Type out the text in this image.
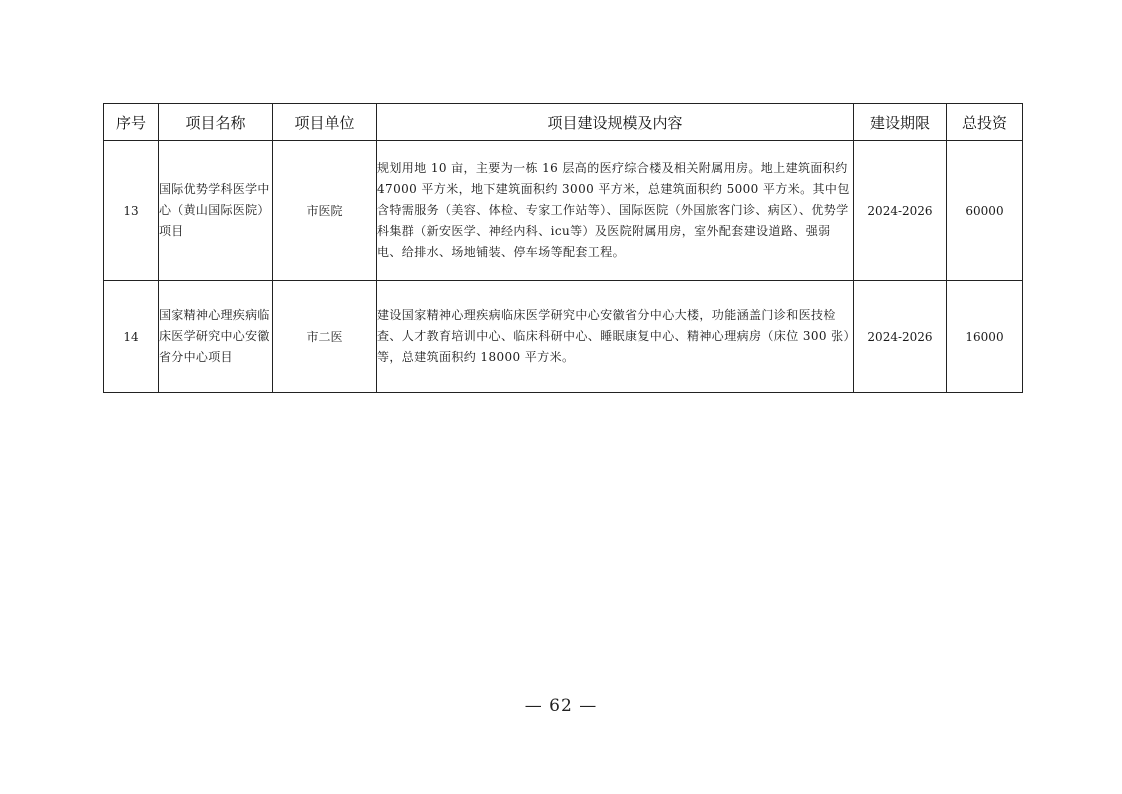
序号	项目名称	项目单位	项目建设规模及内容	建设期限	总投资
13	国际优势学科医学中心（黄山国际医院）项目	市医院	规划用地 10 亩，主要为一栋 16 层高的医疗综合楼及相关附属用房。地上建筑面积约 47000 平方米，地下建筑面积约 3000 平方米，总建筑面积约 5000 平方米。其中包含特需服务（美容、体检、专家工作站等）、国际医院（外国旅客门诊、病区）、优势学科集群（新安医学、神经内科、icu等）及医院附属用房，室外配套建设道路、强弱电、给排水、场地铺装、停车场等配套工程。	2024-2026	60000
14	国家精神心理疾病临床医学研究中心安徽省分中心项目	市二医	建设国家精神心理疾病临床医学研究中心安徽省分中心大楼，功能涵盖门诊和医技检查、人才教育培训中心、临床科研中心、睡眠康复中心、精神心理病房（床位 300 张）等，总建筑面积约 18000 平方米。	2024-2026	16000
— 62 —
